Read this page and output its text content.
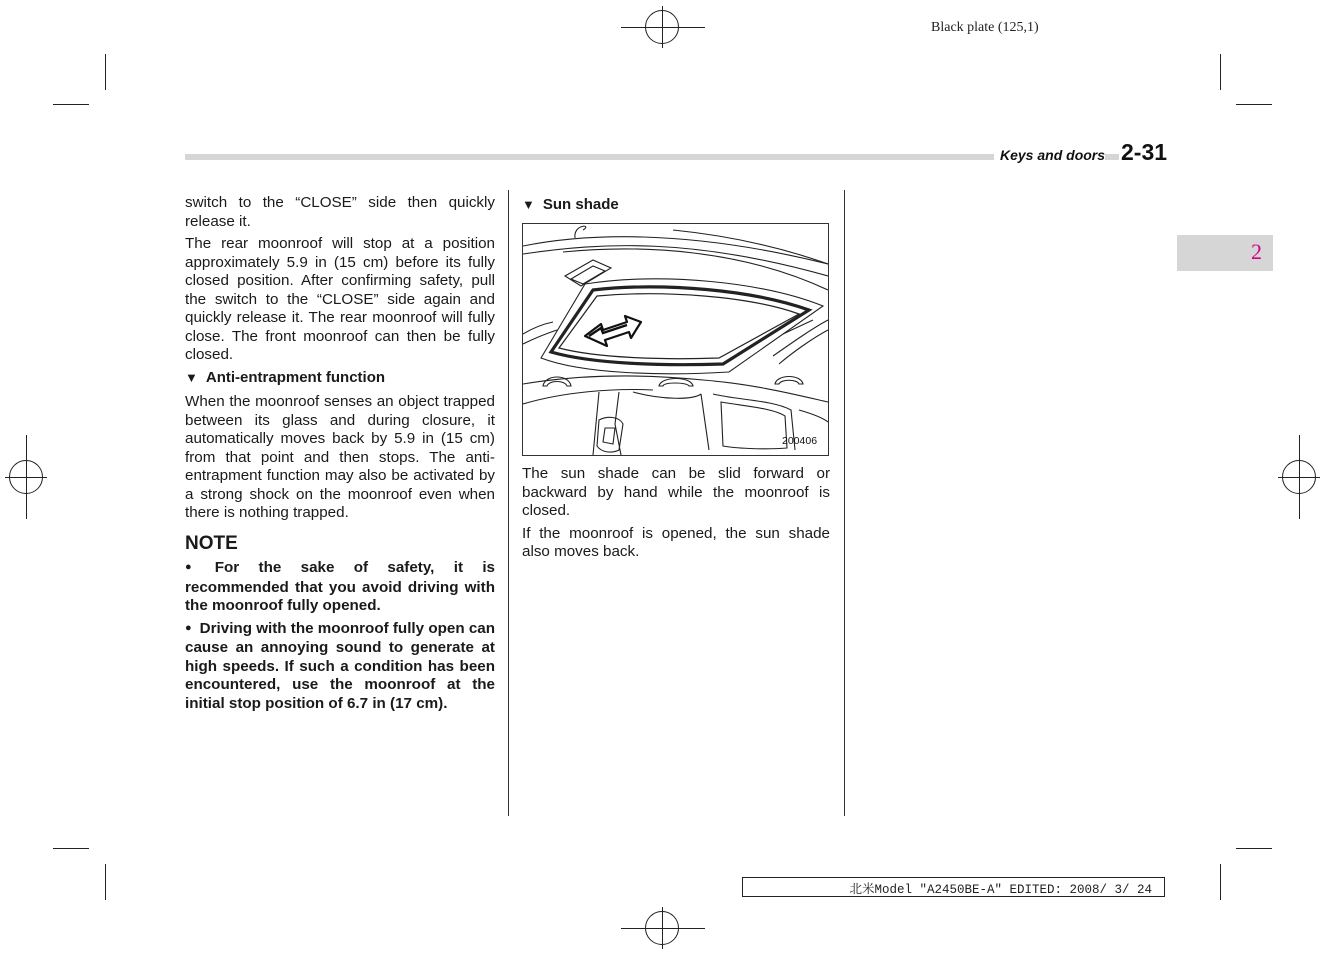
Black plate (125,1)
Keys and doors 2-31
2

switch to the “CLOSE” side then quickly release it.

The rear moonroof will stop at a position approximately 5.9 in (15 cm) before its fully closed position. After confirming safety, pull the switch to the “CLOSE” side again and quickly release it. The rear moonroof will fully close. The front moonroof can then be fully closed.

▼ Anti-entrapment function

When the moonroof senses an object trapped between its glass and during closure, it automatically moves back by 5.9 in (15 cm) from that point and then stops. The anti-entrapment function may also be activated by a strong shock on the moonroof even when there is nothing trapped.

NOTE

● For the sake of safety, it is recommended that you avoid driving with the moonroof fully opened.

● Driving with the moonroof fully open can cause an annoying sound to generate at high speeds. If such a condition has been encountered, use the moonroof at the initial stop position of 6.7 in (17 cm).

▼ Sun shade
200406

The sun shade can be slid forward or backward by hand while the moonroof is closed.

If the moonroof is opened, the sun shade also moves back.

北米Model "A2450BE-A" EDITED: 2008/ 3/ 24
